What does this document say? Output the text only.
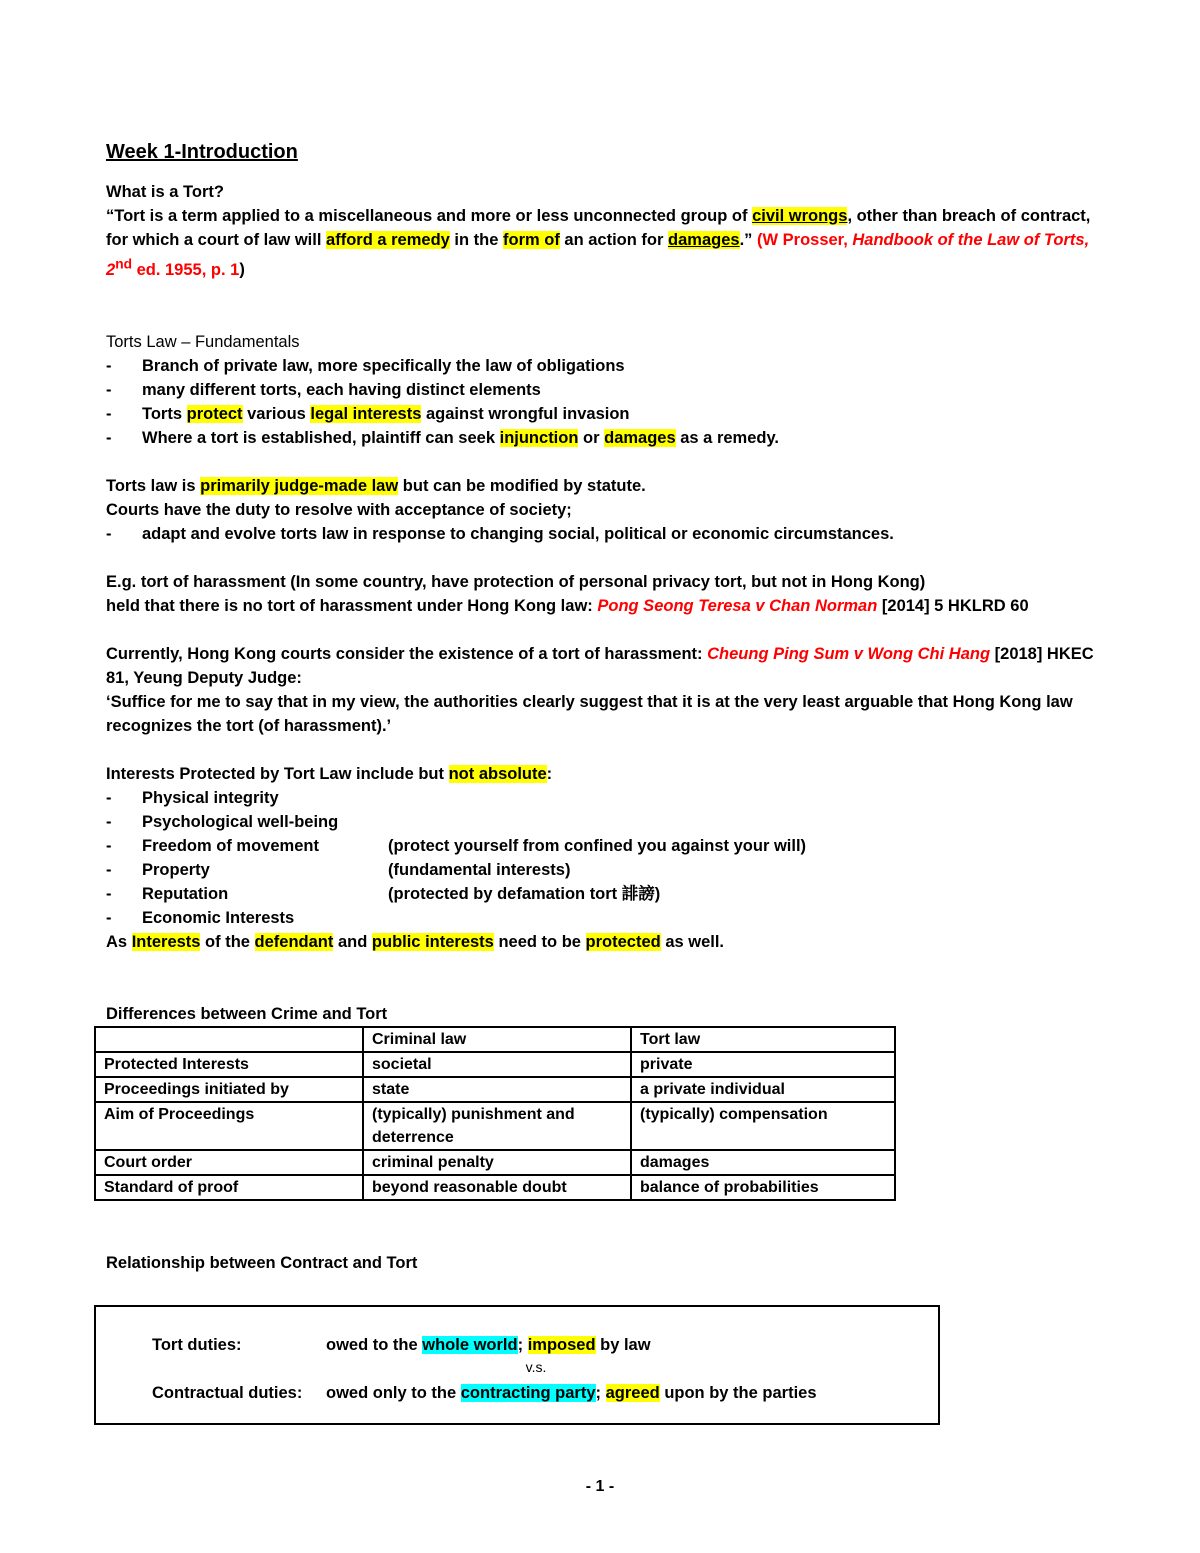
Week 1-Introduction

What is a Tort?

“Tort is a term applied to a miscellaneous and more or less unconnected group of civil wrongs, other than breach of contract, for which a court of law will afford a remedy in the form of an action for damages.” (W Prosser, Handbook of the Law of Torts, 2nd ed. 1955, p. 1)

Torts Law – Fundamentals

- Branch of private law, more specifically the law of obligations
- many different torts, each having distinct elements
- Torts protect various legal interests against wrongful invasion
- Where a tort is established, plaintiff can seek injunction or damages as a remedy.

Torts law is primarily judge-made law but can be modified by statute.

Courts have the duty to resolve with acceptance of society;

- adapt and evolve torts law in response to changing social, political or economic circumstances.

E.g. tort of harassment (In some country, have protection of personal privacy tort, but not in Hong Kong)

held that there is no tort of harassment under Hong Kong law: Pong Seong Teresa v Chan Norman [2014] 5 HKLRD 60

Currently, Hong Kong courts consider the existence of a tort of harassment: Cheung Ping Sum v Wong Chi Hang [2018] HKEC 81, Yeung Deputy Judge:

‘Suffice for me to say that in my view, the authorities clearly suggest that it is at the very least arguable that Hong Kong law recognizes the tort (of harassment).’

Interests Protected by Tort Law include but not absolute:

- Physical integrity
- Psychological well-being
- Freedom of movement	(protect yourself from confined you against your will)
- Property	(fundamental interests)
- Reputation	(protected by defamation tort 誹謗)
- Economic Interests

As Interests of the defendant and public interests need to be protected as well.

Differences between Crime and Tort

	Criminal law	Tort law
Protected Interests	societal	private
Proceedings initiated by	state	a private individual
Aim of Proceedings	(typically) punishment and deterrence	(typically) compensation
Court order	criminal penalty	damages
Standard of proof	beyond reasonable doubt	balance of probabilities

Relationship between Contract and Tort

Tort duties:	owed to the whole world; imposed by law
v.s.
Contractual duties: owed only to the contracting party; agreed upon by the parties
- 1 -
